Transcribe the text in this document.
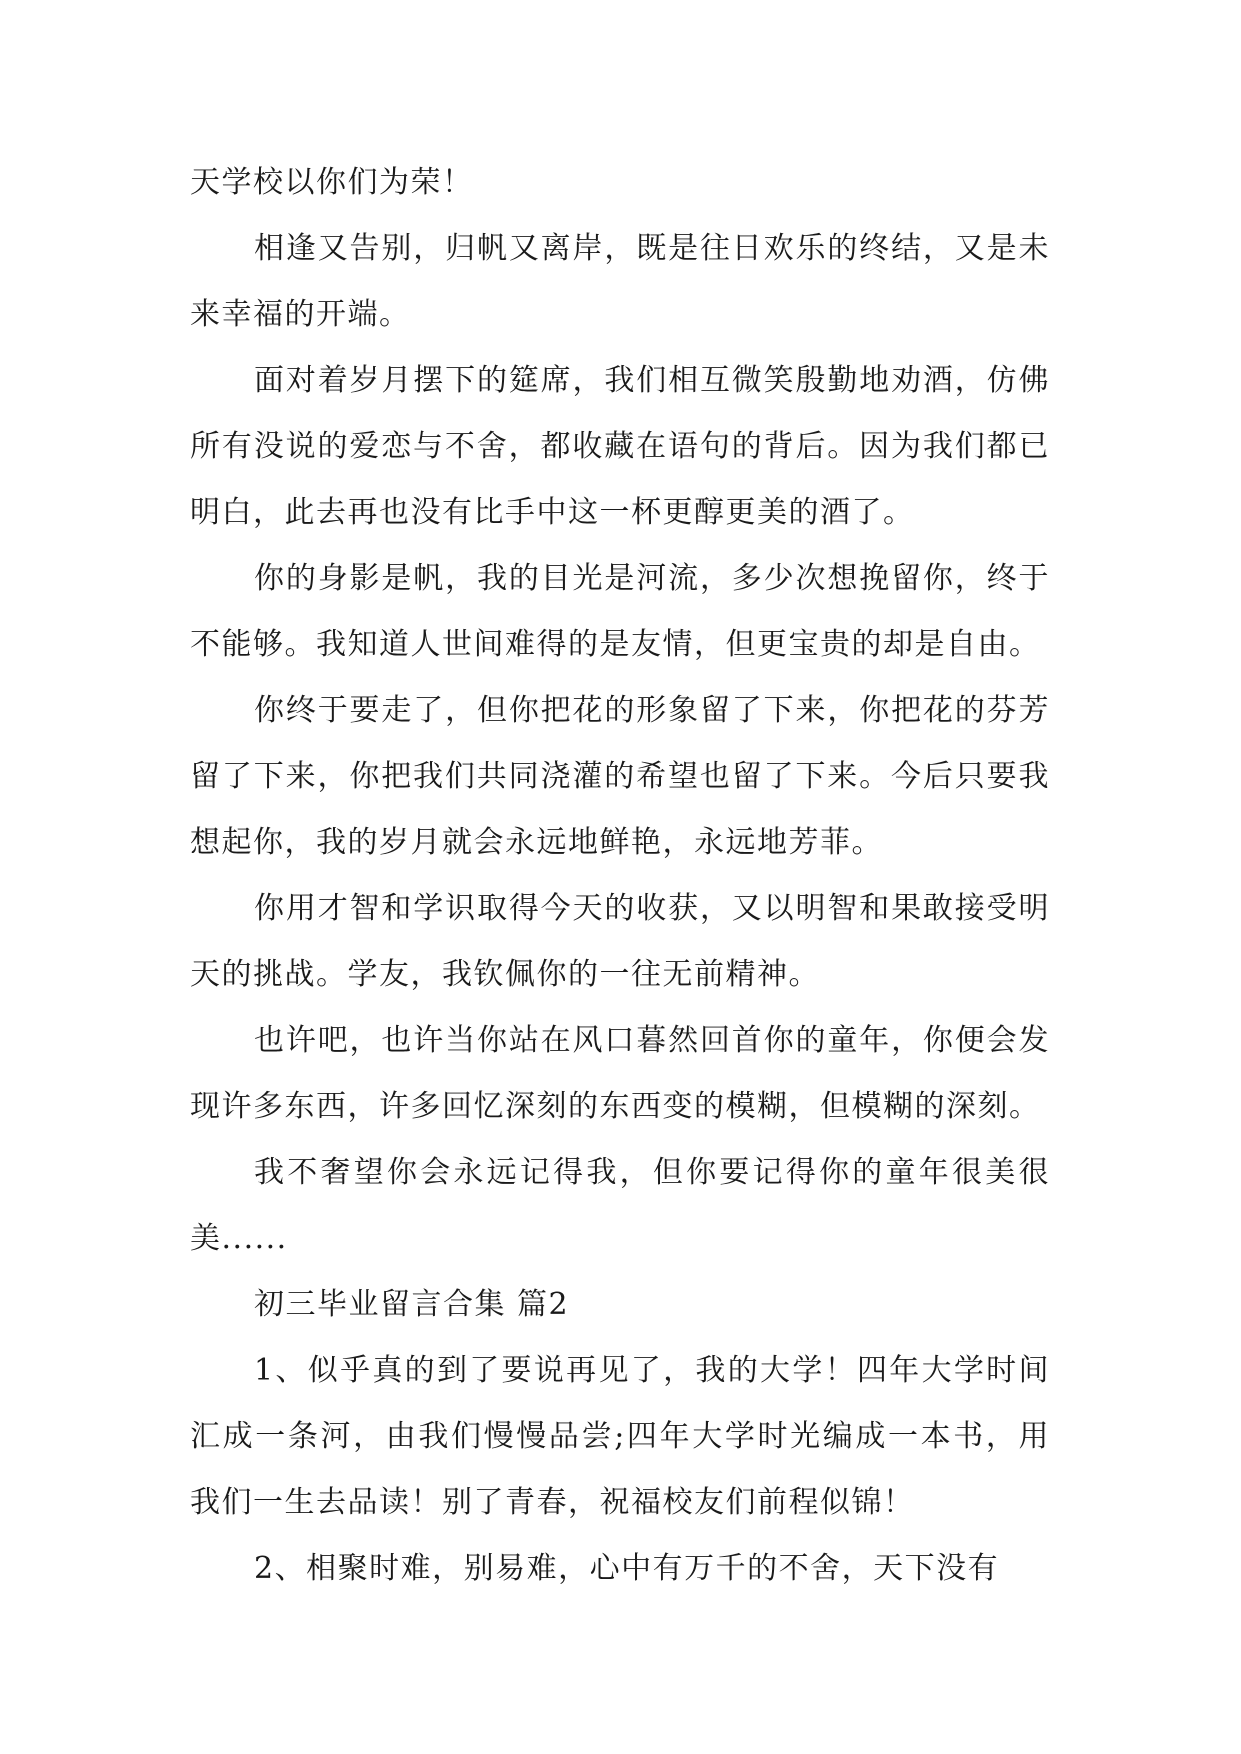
天学校以你们为荣！

相逢又告别，归帆又离岸，既是往日欢乐的终结，又是未来幸福的开端。

面对着岁月摆下的筵席，我们相互微笑殷勤地劝酒，仿佛所有没说的爱恋与不舍，都收藏在语句的背后。因为我们都已明白，此去再也没有比手中这一杯更醇更美的酒了。

你的身影是帆，我的目光是河流，多少次想挽留你，终于不能够。我知道人世间难得的是友情，但更宝贵的却是自由。

你终于要走了，但你把花的形象留了下来，你把花的芬芳留了下来，你把我们共同浇灌的希望也留了下来。今后只要我想起你，我的岁月就会永远地鲜艳，永远地芳菲。

你用才智和学识取得今天的收获，又以明智和果敢接受明天的挑战。学友，我钦佩你的一往无前精神。

也许吧，也许当你站在风口暮然回首你的童年，你便会发现许多东西，许多回忆深刻的东西变的模糊，但模糊的深刻。

我不奢望你会永远记得我，但你要记得你的童年很美很美......

初三毕业留言合集 篇2

1、似乎真的到了要说再见了，我的大学！四年大学时间汇成一条河，由我们慢慢品尝;四年大学时光编成一本书，用我们一生去品读！别了青春，祝福校友们前程似锦！

2、相聚时难，别易难，心中有万千的不舍，天下没有
